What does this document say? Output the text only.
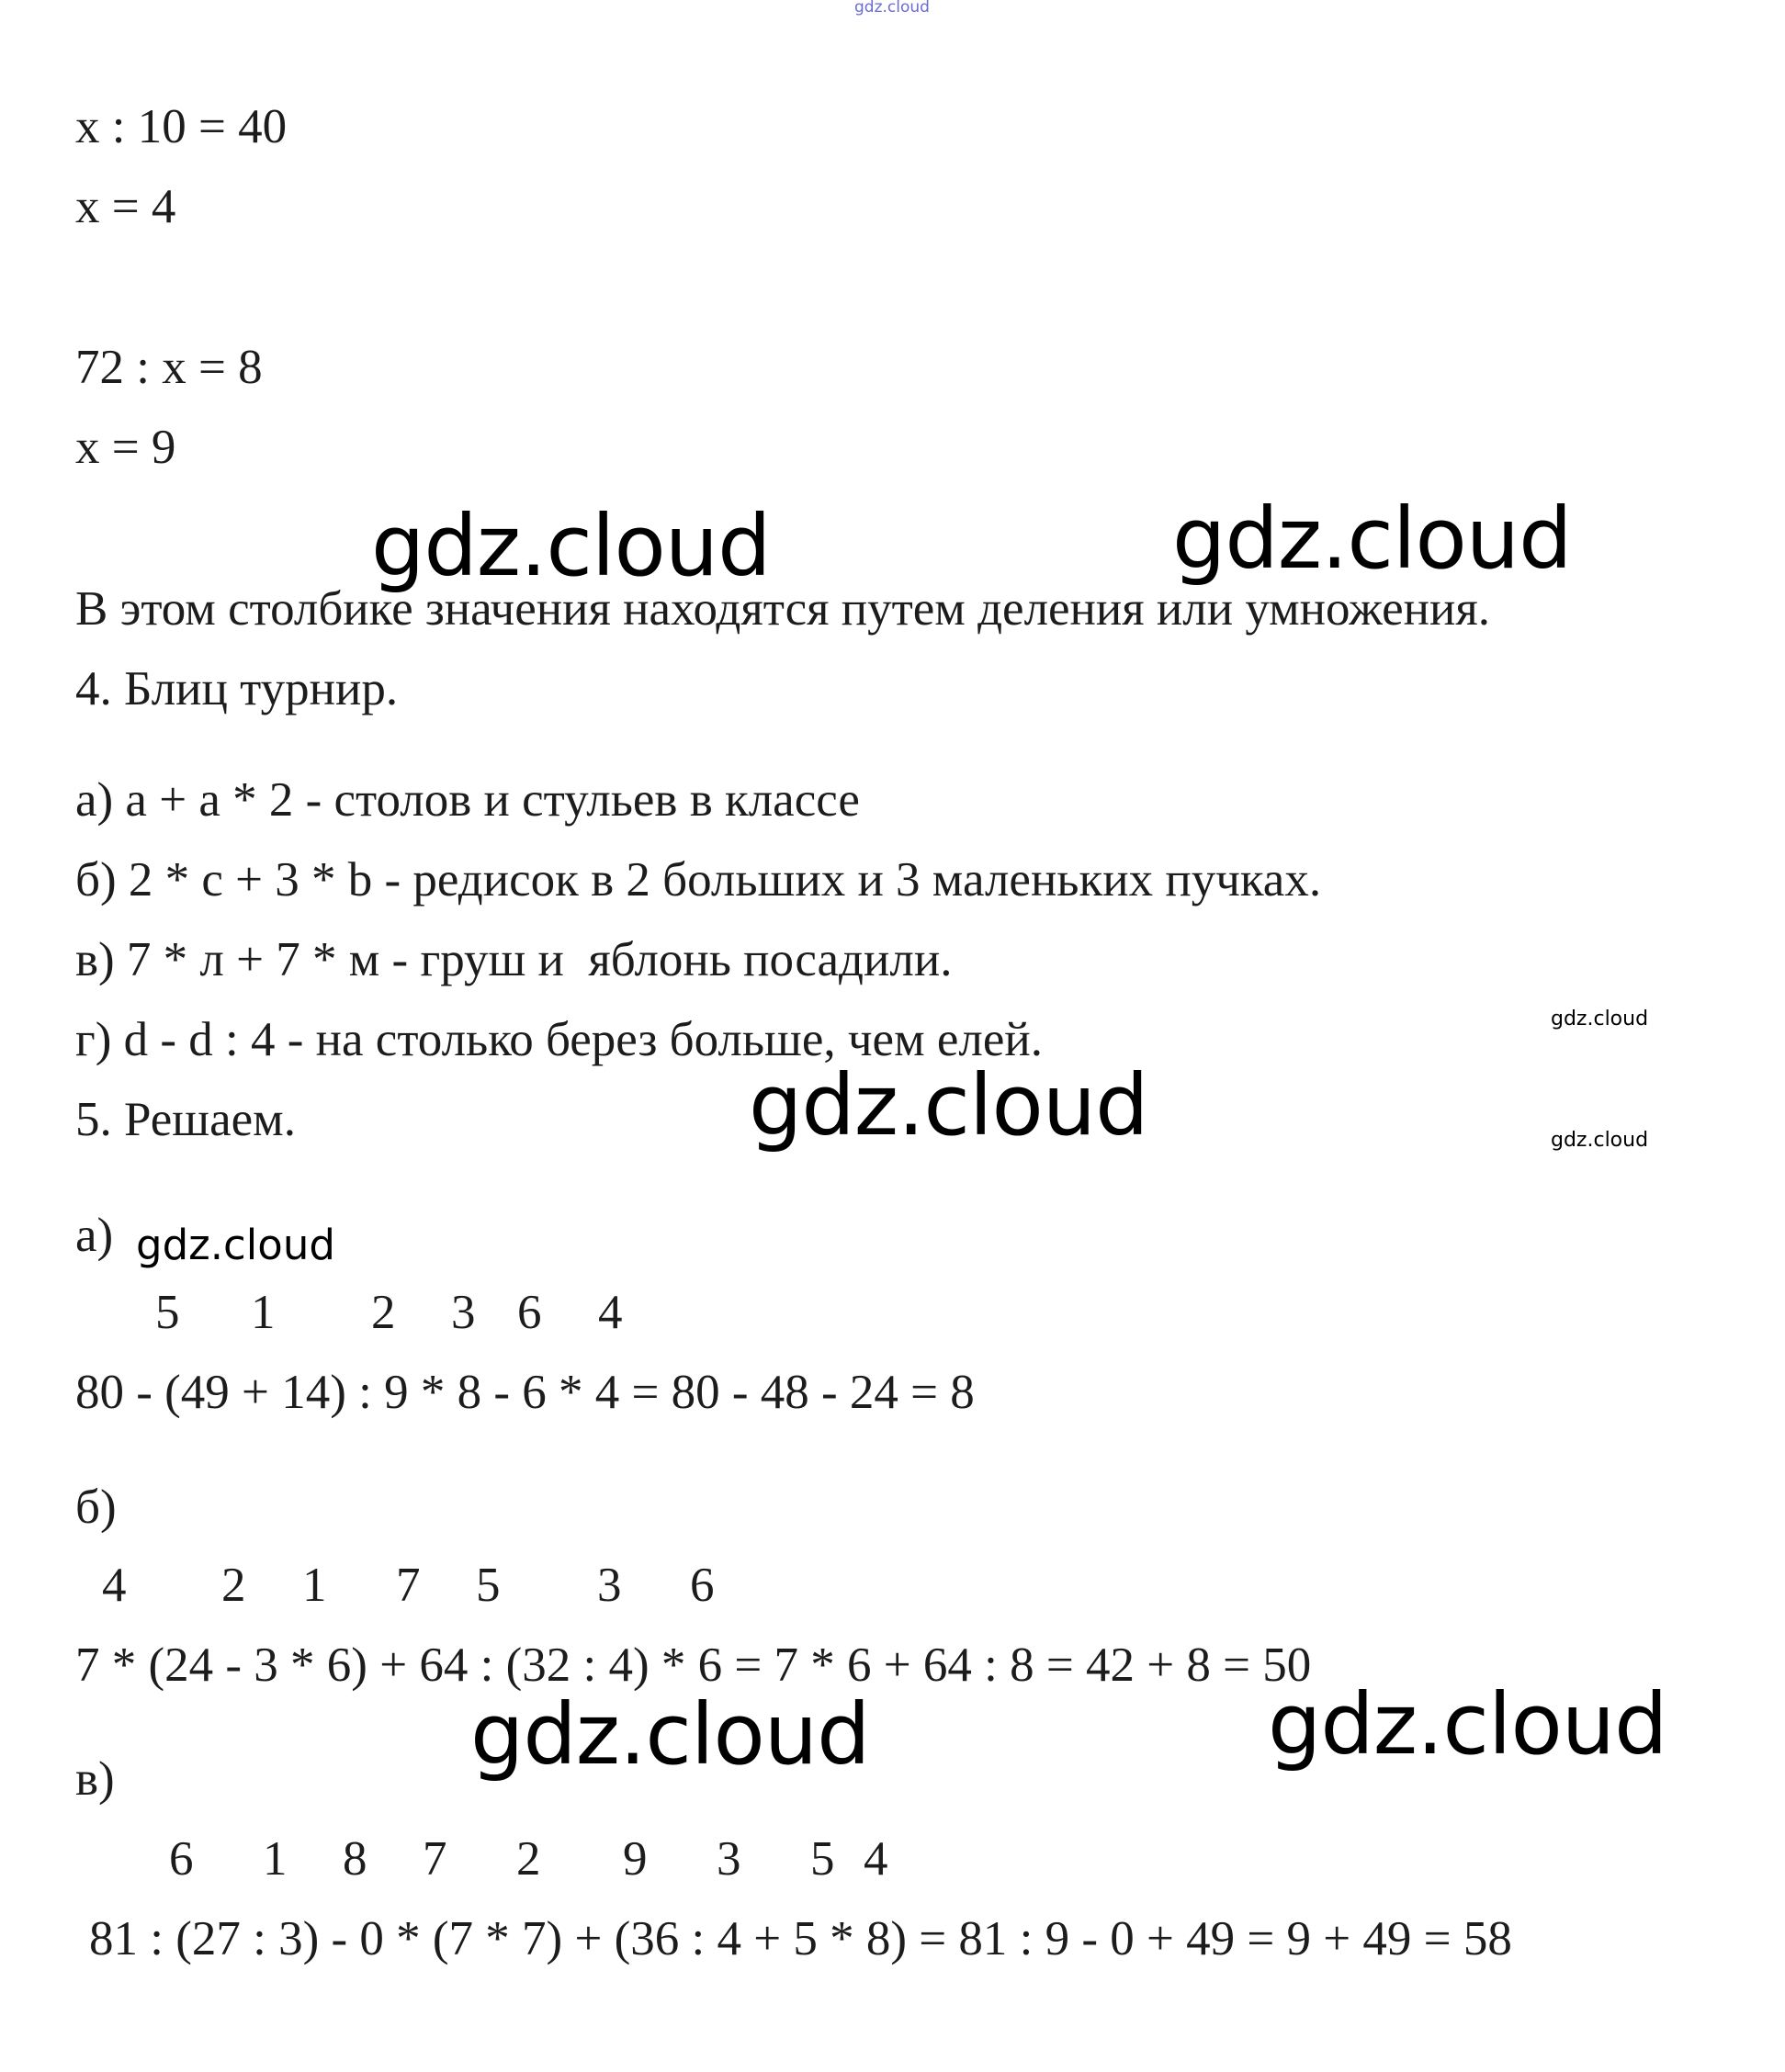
gdz.cloud
x : 10 = 40
x = 4
72 : x = 8
x = 9
gdz.cloud	gdz.cloud
В этом столбике значения находятся путем деления или умножения.
4. Блиц турнир.
а) a + a * 2 - столов и стульев в классе
б) 2 * c + 3 * b - редисок в 2 больших и 3 маленьких пучках.
в) 7 * л + 7 * м - груш и  яблонь посадили.
г) d - d : 4 - на столько берез больше, чем елей.	gdz.cloud
gdz.cloud
gdz.cloud
5. Решаем.
а) gdz.cloud
5 1 2 3 6 4
80 - (49 + 14) : 9 * 8 - 6 * 4 = 80 - 48 - 24 = 8
б)
4 2 1 7 5 3 6
7 * (24 - 3 * 6) + 64 : (32 : 4) * 6 = 7 * 6 + 64 : 8 = 42 + 8 = 50
gdz.cloud	gdz.cloud
в)
6 1 8 7 2 9 3 5 4
81 : (27 : 3) - 0 * (7 * 7) + (36 : 4 + 5 * 8) = 81 : 9 - 0 + 49 = 9 + 49 = 58
